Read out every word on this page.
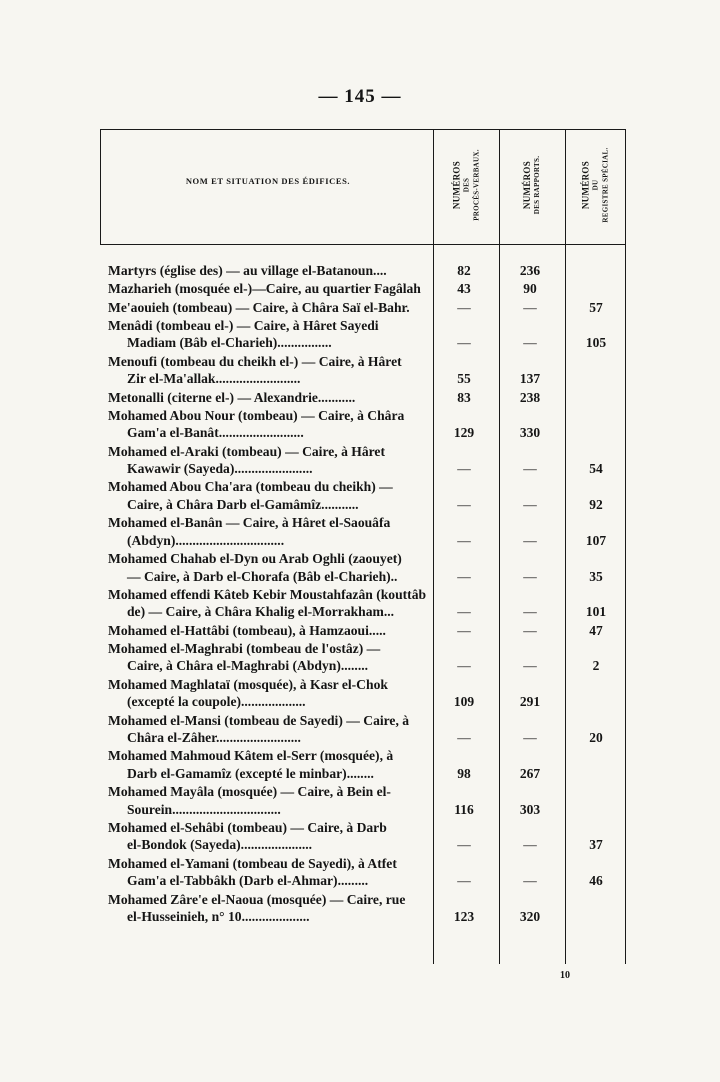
— 145 —
NOM ET SITUATION DES ÉDIFICES.	NUMÉROS DES PROCÈS-VERBAUX.	NUMÉROS DES RAPPORTS.	NUMÉROS DU REGISTRE SPÉCIAL.
Martyrs (église des) — au village el-Batanoun....	82	236
Mazharieh (mosquée el-)—Caire, au quartier Fagâlah	43	90
Me'aouieh (tombeau) — Caire, à Châra Saï el-Bahr.	—	—	57
Menâdi (tombeau el-) — Caire, à Hâret Sayedi
Madiam (Bâb el-Charieh)................	—	—	105
Menoufi (tombeau du cheikh el-) — Caire, à Hâret
Zir el-Ma'allak.........................	55	137
Metonalli (citerne el-) — Alexandrie...........	83	238
Mohamed Abou Nour (tombeau) — Caire, à Châra
Gam'a el-Banât.........................	129	330
Mohamed el-Araki (tombeau) — Caire, à Hâret
Kawawir (Sayeda).......................	—	—	54
Mohamed Abou Cha'ara (tombeau du cheikh) —
Caire, à Châra Darb el-Gamâmîz...........	—	—	92
Mohamed el-Banân — Caire, à Hâret el-Saouâfa
(Abdyn)................................	—	—	107
Mohamed Chahab el-Dyn ou Arab Oghli (zaouyet)
— Caire, à Darb el-Chorafa (Bâb el-Charieh)..	—	—	35
Mohamed effendi Kâteb Kebir Moustahfazân (kouttâb
de) — Caire, à Châra Khalig el-Morrakham...	—	—	101
Mohamed el-Hattâbi (tombeau), à Hamzaoui.....	—	—	47
Mohamed el-Maghrabi (tombeau de l'ostâz) —
Caire, à Châra el-Maghrabi (Abdyn)........	—	—	2
Mohamed Maghlataï (mosquée), à Kasr el-Chok
(excepté la coupole)...................	109	291
Mohamed el-Mansi (tombeau de Sayedi) — Caire, à
Châra el-Zâher.........................	—	—	20
Mohamed Mahmoud Kâtem el-Serr (mosquée), à
Darb el-Gamamîz (excepté le minbar)........	98	267
Mohamed Mayâla (mosquée) — Caire, à Bein el-
Sourein................................	116	303
Mohamed el-Sehâbi (tombeau) — Caire, à Darb
el-Bondok (Sayeda).....................	—	—	37
Mohamed el-Yamani (tombeau de Sayedi), à Atfet
Gam'a el-Tabbâkh (Darb el-Ahmar).........	—	—	46
Mohamed Zâre'e el-Naoua (mosquée) — Caire, rue
el-Husseinieh, n° 10....................	123	320
10
